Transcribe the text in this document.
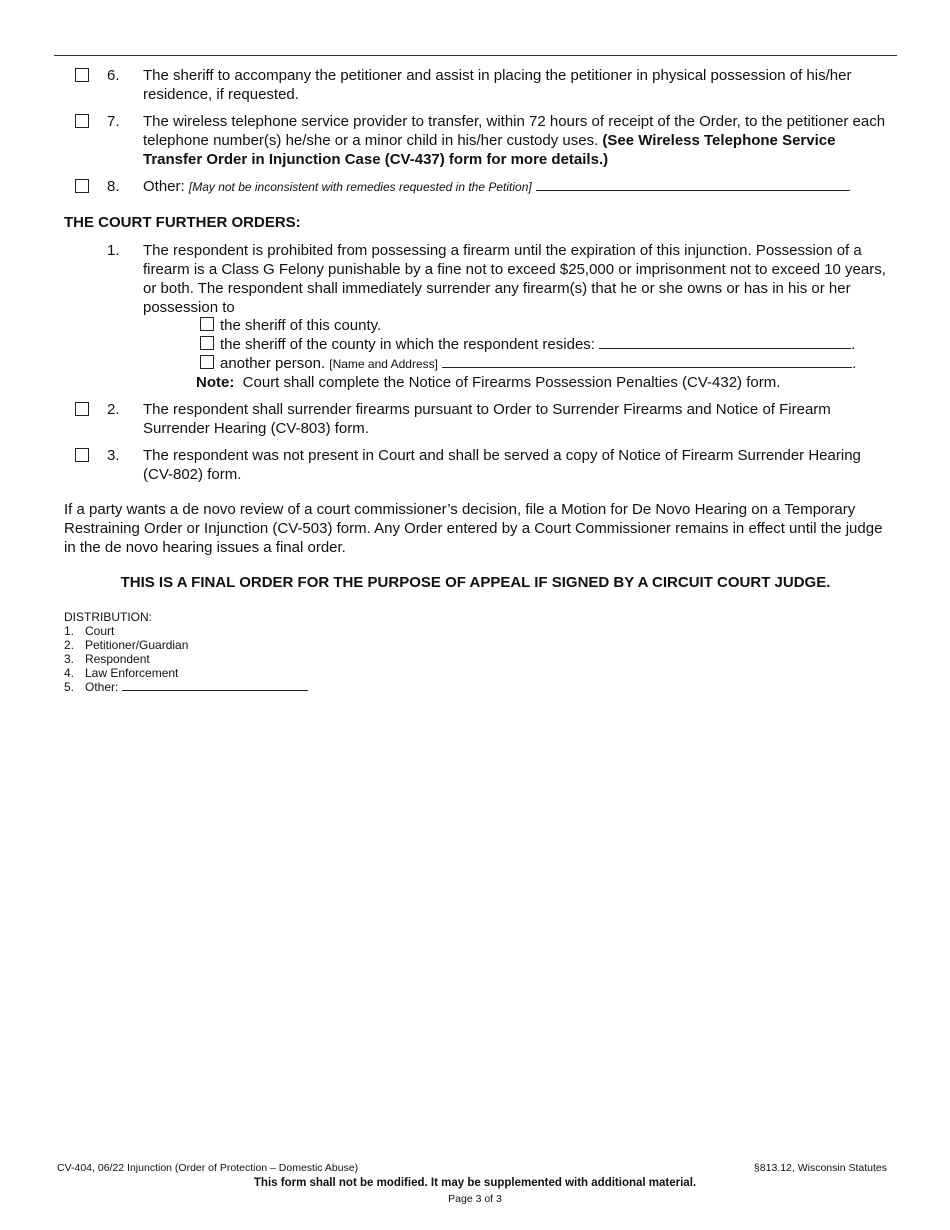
6. The sheriff to accompany the petitioner and assist in placing the petitioner in physical possession of his/her residence, if requested.
7. The wireless telephone service provider to transfer, within 72 hours of receipt of the Order, to the petitioner each telephone number(s) he/she or a minor child in his/her custody uses. (See Wireless Telephone Service Transfer Order in Injunction Case (CV-437) form for more details.)
8. Other: [May not be inconsistent with remedies requested in the Petition]
THE COURT FURTHER ORDERS:
1. The respondent is prohibited from possessing a firearm until the expiration of this injunction. Possession of a firearm is a Class G Felony punishable by a fine not to exceed $25,000 or imprisonment not to exceed 10 years, or both. The respondent shall immediately surrender any firearm(s) that he or she owns or has in his or her possession to
the sheriff of this county.
the sheriff of the county in which the respondent resides:	.
another person. [Name and Address]	.
Note: Court shall complete the Notice of Firearms Possession Penalties (CV-432) form.
2. The respondent shall surrender firearms pursuant to Order to Surrender Firearms and Notice of Firearm Surrender Hearing (CV-803) form.
3. The respondent was not present in Court and shall be served a copy of Notice of Firearm Surrender Hearing (CV-802) form.
If a party wants a de novo review of a court commissioner’s decision, file a Motion for De Novo Hearing on a Temporary Restraining Order or Injunction (CV-503) form. Any Order entered by a Court Commissioner remains in effect until the judge in the de novo hearing issues a final order.
THIS IS A FINAL ORDER FOR THE PURPOSE OF APPEAL IF SIGNED BY A CIRCUIT COURT JUDGE.
DISTRIBUTION:
1. Court
2. Petitioner/Guardian
3. Respondent
4. Law Enforcement
5. Other:
CV-404, 06/22 Injunction (Order of Protection – Domestic Abuse)	§813.12, Wisconsin Statutes
This form shall not be modified. It may be supplemented with additional material.
Page 3 of 3
